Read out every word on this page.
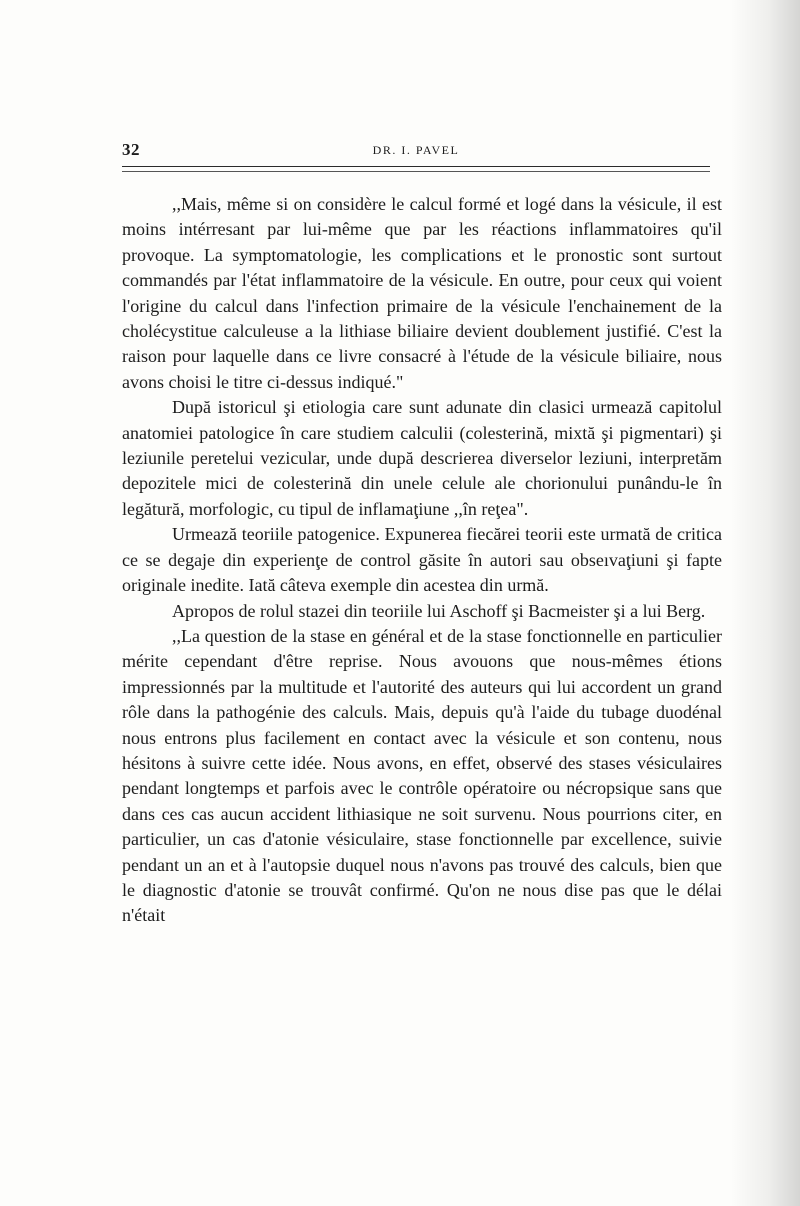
32	DR. I. PAVEL

,,Mais, même si on considère le calcul formé et logé dans la vésicule, il est moins intérresant par lui-même que par les réactions inflammatoires qu'il provoque. La symptomatologie, les complications et le pronostic sont surtout commandés par l'état inflammatoire de la vésicule. En outre, pour ceux qui voient l'origine du calcul dans l'infection primaire de la vésicule l'enchainement de la cholécystitue calculeuse a la lithiase biliaire devient doublement justifié. C'est la raison pour laquelle dans ce livre consacré à l'étude de la vésicule biliaire, nous avons choisi le titre ci-dessus indiqué."

După istoricul şi etiologia care sunt adunate din clasici urmează capitolul anatomiei patologice în care studiem calculii (colesterină, mixtă şi pigmentari) şi leziunile peretelui vezicular, unde după descrierea diverselor leziuni, interpretăm depozitele mici de colesterină din unele celule ale chorionului punându-le în legătură, morfologic, cu tipul de inflamaţiune ,,în reţea".

Urmează teoriile patogenice. Expunerea fiecărei teorii este urmată de critica ce se degaje din experienţe de control găsite în autori sau obseıvaţiuni şi fapte originale inedite. Iată câteva exemple din acestea din urmă.

Apropos de rolul stazei din teoriile lui Aschoff şi Bacmeister şi a lui Berg.

,,La question de la stase en général et de la stase fonctionnelle en particulier mérite cependant d'être reprise. Nous avouons que nous-mêmes étions impressionnés par la multitude et l'autorité des auteurs qui lui accordent un grand rôle dans la pathogénie des calculs. Mais, depuis qu'à l'aide du tubage duodénal nous entrons plus facilement en contact avec la vésicule et son contenu, nous hésitons à suivre cette idée. Nous avons, en effet, observé des stases vésiculaires pendant longtemps et parfois avec le contrôle opératoire ou nécropsique sans que dans ces cas aucun accident lithiasique ne soit survenu. Nous pourrions citer, en particulier, un cas d'atonie vésiculaire, stase fonctionnelle par excellence, suivie pendant un an et à l'autopsie duquel nous n'avons pas trouvé des calculs, bien que le diagnostic d'atonie se trouvât confirmé. Qu'on ne nous dise pas que le délai n'était
